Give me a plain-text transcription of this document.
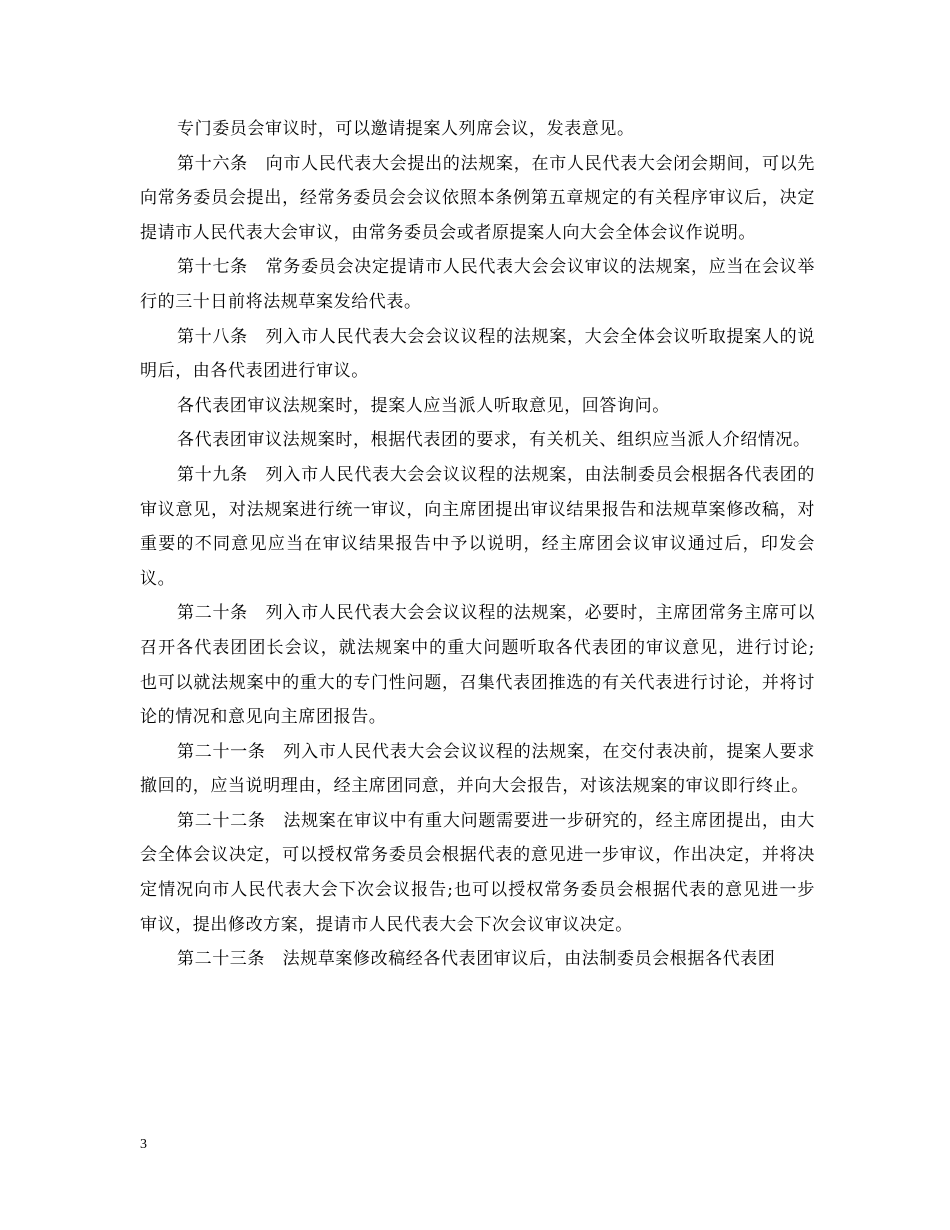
专门委员会审议时，可以邀请提案人列席会议，发表意见。

第十六条　向市人民代表大会提出的法规案，在市人民代表大会闭会期间，可以先向常务委员会提出，经常务委员会会议依照本条例第五章规定的有关程序审议后，决定提请市人民代表大会审议，由常务委员会或者原提案人向大会全体会议作说明。

第十七条　常务委员会决定提请市人民代表大会会议审议的法规案，应当在会议举行的三十日前将法规草案发给代表。

第十八条　列入市人民代表大会会议议程的法规案，大会全体会议听取提案人的说明后，由各代表团进行审议。

各代表团审议法规案时，提案人应当派人听取意见，回答询问。

各代表团审议法规案时，根据代表团的要求，有关机关、组织应当派人介绍情况。

第十九条　列入市人民代表大会会议议程的法规案，由法制委员会根据各代表团的审议意见，对法规案进行统一审议，向主席团提出审议结果报告和法规草案修改稿，对重要的不同意见应当在审议结果报告中予以说明，经主席团会议审议通过后，印发会议。

第二十条　列入市人民代表大会会议议程的法规案，必要时，主席团常务主席可以召开各代表团团长会议，就法规案中的重大问题听取各代表团的审议意见，进行讨论;也可以就法规案中的重大的专门性问题，召集代表团推选的有关代表进行讨论，并将讨论的情况和意见向主席团报告。

第二十一条　列入市人民代表大会会议议程的法规案，在交付表决前，提案人要求撤回的，应当说明理由，经主席团同意，并向大会报告，对该法规案的审议即行终止。

第二十二条　法规案在审议中有重大问题需要进一步研究的，经主席团提出，由大会全体会议决定，可以授权常务委员会根据代表的意见进一步审议，作出决定，并将决定情况向市人民代表大会下次会议报告;也可以授权常务委员会根据代表的意见进一步审议，提出修改方案，提请市人民代表大会下次会议审议决定。

第二十三条　法规草案修改稿经各代表团审议后，由法制委员会根据各代表团

3
